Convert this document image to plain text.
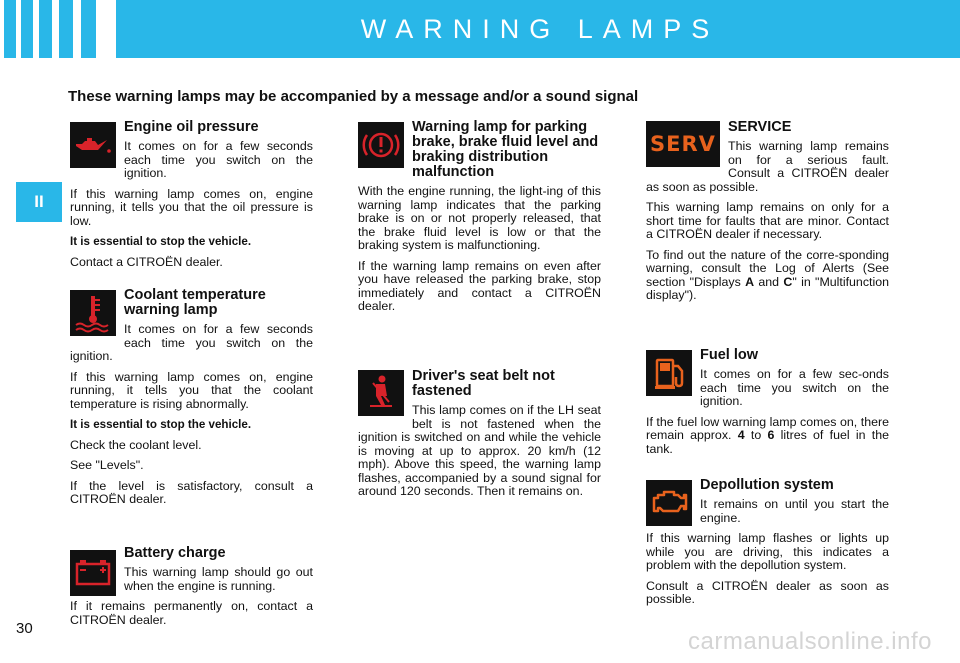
WARNING LAMPS
These warning lamps may be accompanied by a message and/or a sound signal
II
Engine oil pressure

It comes on for a few seconds each time you switch on the ignition.

If this warning lamp comes on, engine running, it tells you that the oil pressure is low.

It is essential to stop the vehicle.

Contact a CITROËN dealer.

Coolant temperature warning lamp

It comes on for a few seconds each time you switch on the ignition.

If this warning lamp comes on, engine running, it tells you that the coolant temperature is rising abnormally.

It is essential to stop the vehicle.

Check the coolant level.

See "Levels".

If the level is satisfactory, consult a CITROËN dealer.

Battery charge

This warning lamp should go out when the engine is running.

If it remains permanently on, contact a CITROËN dealer.

Warning lamp for parking brake, brake fluid level and braking distribution malfunction

With the engine running, the light-ing of this warning lamp indicates that the parking brake is on or not properly released, that the brake fluid level is low or that the braking system is malfunctioning.

If the warning lamp remains on even after you have released the parking brake, stop immediately and contact a CITROËN dealer.

Driver's seat belt not fastened

This lamp comes on if the LH seat belt is not fastened when the ignition is switched on and while the vehicle is moving at up to approx. 20 km/h (12 mph). Above this speed, the warning lamp flashes, accompanied by a sound signal for around 120 seconds. Then it remains on.

SERV
SERVICE

This warning lamp remains on for a serious fault. Consult a CITROËN dealer as soon as possible.

This warning lamp remains on only for a short time for faults that are minor. Contact a CITROËN dealer if necessary.

To find out the nature of the corre-sponding warning, consult the Log of Alerts (See section "Displays A and C" in "Multifunction display").

Fuel low

It comes on for a few sec-onds each time you switch on the ignition.

If the fuel low warning lamp comes on, there remain approx. 4 to 6 litres of fuel in the tank.

Depollution system

It remains on until you start the engine.

If this warning lamp flashes or lights up while you are driving, this indicates a problem with the depollution system.

Consult a CITROËN dealer as soon as possible.

30	carmanualsonline.info
